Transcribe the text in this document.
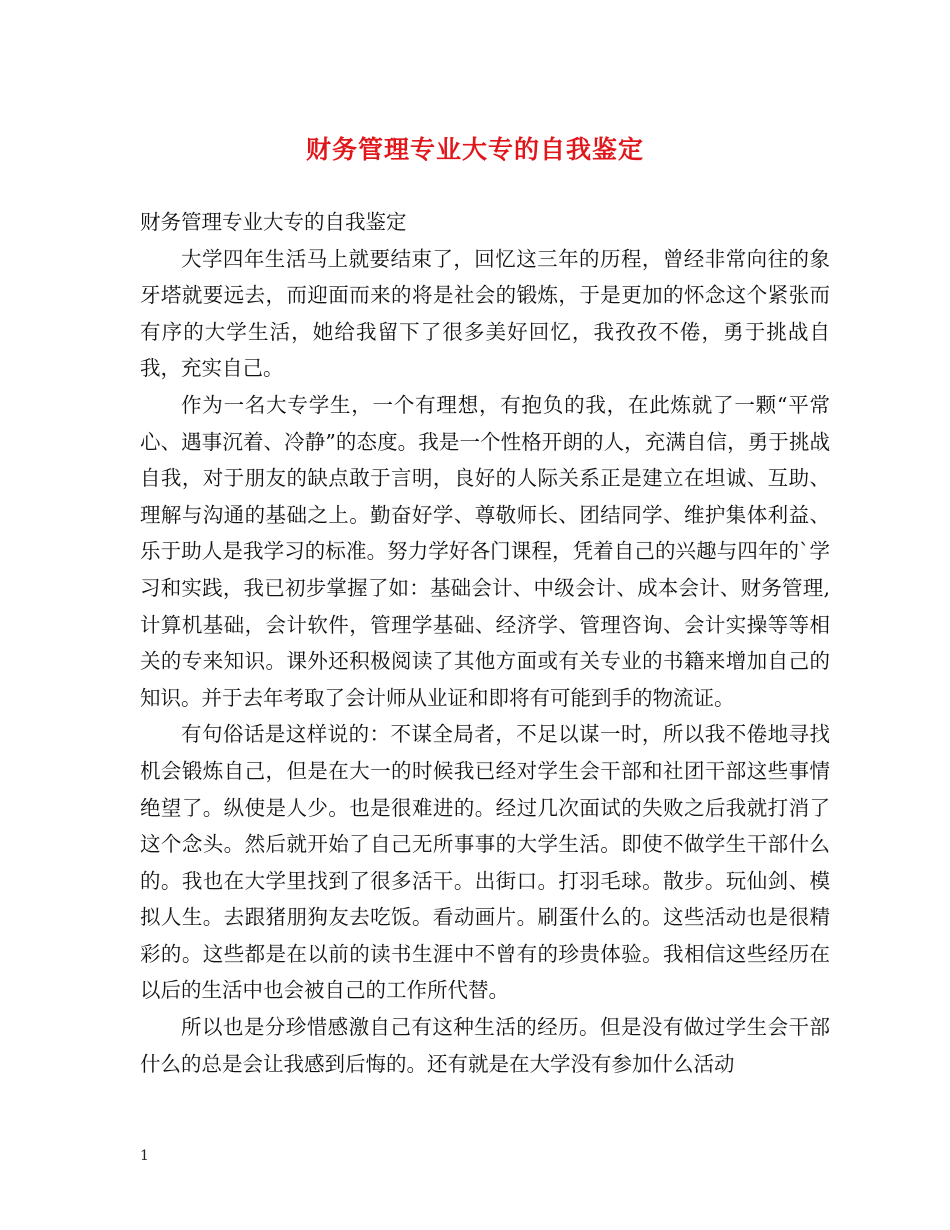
财务管理专业大专的自我鉴定

财务管理专业大专的自我鉴定

大学四年生活马上就要结束了，回忆这三年的历程，曾经非常向往的象牙塔就要远去，而迎面而来的将是社会的锻炼，于是更加的怀念这个紧张而有序的大学生活，她给我留下了很多美好回忆，我孜孜不倦，勇于挑战自我，充实自己。

作为一名大专学生，一个有理想，有抱负的我，在此炼就了一颗“平常心、遇事沉着、冷静”的态度。我是一个性格开朗的人，充满自信，勇于挑战自我，对于朋友的缺点敢于言明，良好的人际关系正是建立在坦诚、互助、理解与沟通的基础之上。勤奋好学、尊敬师长、团结同学、维护集体利益、乐于助人是我学习的标准。努力学好各门课程，凭着自己的兴趣与四年的`学习和实践，我已初步掌握了如：基础会计、中级会计、成本会计、财务管理,计算机基础，会计软件，管理学基础、经济学、管理咨询、会计实操等等相关的专来知识。课外还积极阅读了其他方面或有关专业的书籍来增加自己的知识。并于去年考取了会计师从业证和即将有可能到手的物流证。

有句俗话是这样说的：不谋全局者，不足以谋一时，所以我不倦地寻找机会锻炼自己，但是在大一的时候我已经对学生会干部和社团干部这些事情绝望了。纵使是人少。也是很难进的。经过几次面试的失败之后我就打消了这个念头。然后就开始了自己无所事事的大学生活。即使不做学生干部什么的。我也在大学里找到了很多活干。出街口。打羽毛球。散步。玩仙剑、模拟人生。去跟猪朋狗友去吃饭。看动画片。刷蛋什么的。这些活动也是很精彩的。这些都是在以前的读书生涯中不曾有的珍贵体验。我相信这些经历在以后的生活中也会被自己的工作所代替。

所以也是分珍惜感激自己有这种生活的经历。但是没有做过学生会干部什么的总是会让我感到后悔的。还有就是在大学没有参加什么活动

1
